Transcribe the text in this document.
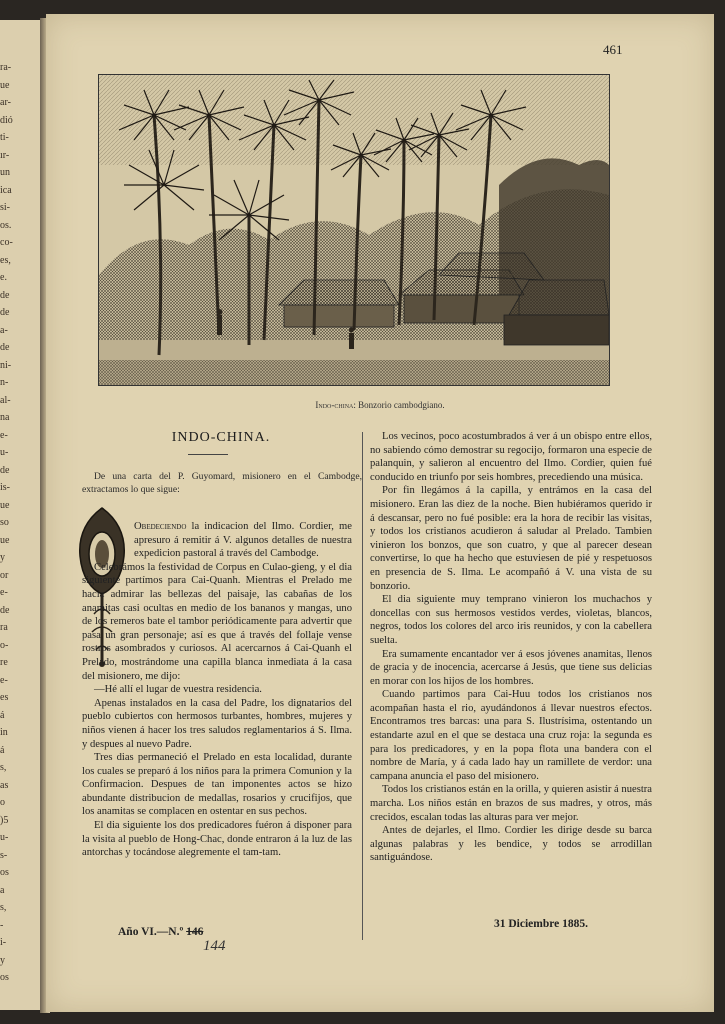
ra-
ue
ar-
dió
ti-
ır-
un
ica
si-
os.
co-
es,
e.
de
de
a-
de
ni-
n-
al-
na
e-
u-
de
is-
ue
so
ue
y
or
e-
de
ra
o-
re
e-
es
á
in
á
s,
as
o
)5
u-
s-
os
a
s,
-
i-
y
os
461
Indo-china: Bonzorio cambodgiano.
INDO-CHINA.
De una carta del P. Guyomard, misionero en el Cambodge, extractamos lo que sigue:

Obedeciendo la indicacion del Ilmo. Cordier, me apresuro á remitir á V. algunos detalles de nuestra expedicion pastoral á través del Cambodge.

Celebrámos la festividad de Corpus en Culao-gieng, y el dia siguiente partímos para Cai-Quanh. Mientras el Prelado me hacia admirar las bellezas del paisaje, las cabañas de los anamitas casi ocultas en medio de los bananos y mangas, uno de los remeros bate el tambor periódicamente para advertir que pasa un gran personaje; así es que á través del follaje vense rostros asombrados y curiosos. Al acercarnos á Cai-Quanh el Prelado, mostrándome una capilla blanca inmediata á la casa del misionero, me dijo:

—Hé allí el lugar de vuestra residencia.

Apenas instalados en la casa del Padre, los dignatarios del pueblo cubiertos con hermosos turbantes, hombres, mujeres y niños vienen á hacer los tres saludos reglamentarios á S. Ilma. y despues al nuevo Padre.

Tres dias permaneció el Prelado en esta localidad, durante los cuales se preparó á los niños para la primera Comunion y la Confirmacion. Despues de tan imponentes actos se hizo abundante distribucion de medallas, rosarios y crucifijos, que los anamitas se complacen en ostentar en sus pechos.

El dia siguiente los dos predicadores fuéron á disponer para la visita al pueblo de Hong-Chac, donde entraron á la luz de las antorchas y tocándose alegremente el tam-tam.

Los vecinos, poco acostumbrados á ver á un obispo entre ellos, no sabiendo cómo demostrar su regocijo, formaron una especie de palanquin, y salieron al encuentro del Ilmo. Cordier, quien fué conducido en triunfo por seis hombres, precediendo una música.

Por fin llegámos á la capilla, y entrámos en la casa del misionero. Eran las diez de la noche. Bien hubiéramos querido ir á descansar, pero no fué posible: era la hora de recibir las visitas, y todos los cristianos acudieron á saludar al Prelado. Tambien vinieron los bonzos, que son cuatro, y que al parecer desean convertirse, lo que ha hecho que estuviesen de pié y respetuosos en presencia de S. Ilma. Le acompañó á V. una vista de su bonzorio.

El dia siguiente muy temprano vinieron los muchachos y doncellas con sus hermosos vestidos verdes, violetas, blancos, negros, todos los colores del arco iris reunidos, y con la cabellera suelta.

Era sumamente encantador ver á esos jóvenes anamitas, llenos de gracia y de inocencia, acercarse á Jesús, que tiene sus delicias en morar con los hijos de los hombres.

Cuando partimos para Cai-Huu todos los cristianos nos acompañan hasta el rio, ayudándonos á llevar nuestros efectos. Encontramos tres barcas: una para S. Ilustrísima, ostentando un estandarte azul en el que se destaca una cruz roja: la segunda es para los predicadores, y en la popa flota una bandera con el nombre de María, y á cada lado hay un ramillete de verdor: una campana anuncia el paso del misionero.

Todos los cristianos están en la orilla, y quieren asistir á nuestra marcha. Los niños están en brazos de sus madres, y otros, más crecidos, escalan todas las alturas para ver mejor.

Antes de dejarles, el Ilmo. Cordier les dirige desde su barca algunas palabras y les bendice, y todos se arrodillan santiguándose.

Año VI.—N.º 146
144
31 Diciembre 1885.
